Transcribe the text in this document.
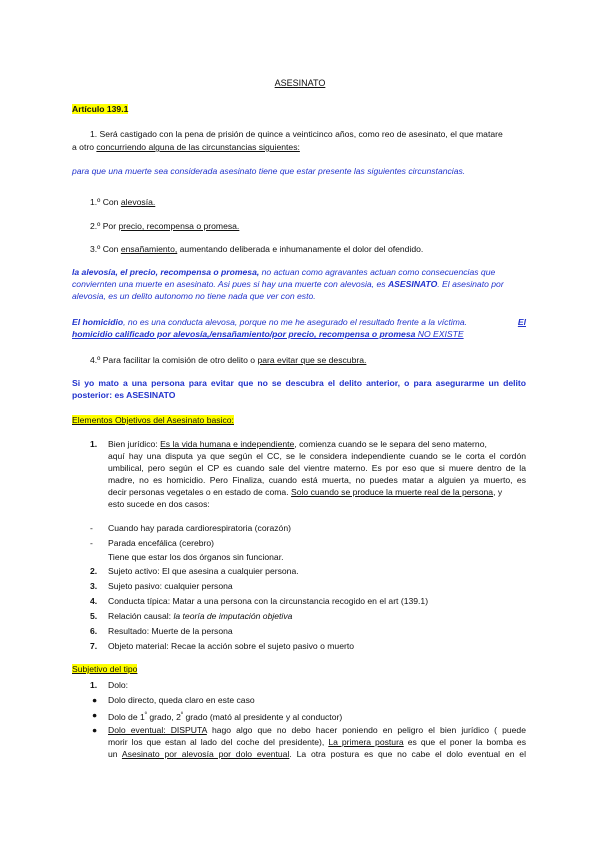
ASESINATO
Artículo 139.1
1. Será castigado con la pena de prisión de quince a veinticinco años, como reo de asesinato, el que matare
a otro concurriendo alguna de las circunstancias siguientes:
para que una muerte sea considerada asesinato tiene que estar presente las siguientes circunstancias.
1.º Con alevosía.
2.º Por precio, recompensa o promesa.
3.º Con ensañamiento, aumentando deliberada e inhumanamente el dolor del ofendido.
la alevosía, el precio, recompensa o promesa, no actuan como agravantes actuan como consecuencias que
conviernten una muerte en asesinato. Asi pues si hay una muerte con alevosia, es ASESINATO. El asesinato por
alevosia, es un delito autonomo no tiene nada que ver con esto.
El homicidio, no es una conducta alevosa, porque no me he asegurado el resultado frente a la víctima.	El
homicidio calificado por alevosía,/ensañamiento/por precio, recompensa o promesa NO EXISTE
4.º Para facilitar la comisión de otro delito o para evitar que se descubra.
Si yo mato a una persona para evitar que no se descubra el delito anterior, o para asegurarme un delito
posterior: es ASESINATO
Elementos Objetivos del Asesinato basico:
1.	Bien jurídico: Es la vida humana e independiente, comienza cuando se le separa del seno materno,
aquí hay una disputa ya que según el CC, se le considera independiente cuando se le corta el cordón
umbilical, pero según el CP es cuando sale del vientre materno. Es por eso que si muere dentro de la
madre, no es homicidio. Pero Finaliza, cuando está muerta, no puedes matar a alguien ya muerto, es
decir personas vegetales o en estado de coma. Solo cuando se produce la muerte real de la persona, y
esto sucede en dos casos:
- Cuando hay parada cardiorespiratoria (corazón)
- Parada encefálica (cerebro)
Tiene que estar los dos órganos sin funcionar.
2.	Sujeto activo: El que asesina a cualquier persona.
3.	Sujeto pasivo: cualquier persona
4.	Conducta típica: Matar a una persona con la circunstancia recogido en el art (139.1)
5.	Relación causal: la teoría de imputación objetiva
6.	Resultado: Muerte de la persona
7.	Objeto material: Recae la acción sobre el sujeto pasivo o muerto
Subjetivo del tipo
1.	Dolo:
● Dolo directo, queda claro en este caso
● Dolo de $1^º$ grado, $2^º$ grado (mató al presidente y al conductor)
● Dolo eventual: DISPUTA hago algo que no debo hacer poniendo en peligro el bien jurídico ( puede
morir los que estan al lado del coche del presidente), La primera postura es que el poner la bomba es
un Asesinato por alevosía por dolo eventual. La otra postura es que no cabe el dolo eventual en el
